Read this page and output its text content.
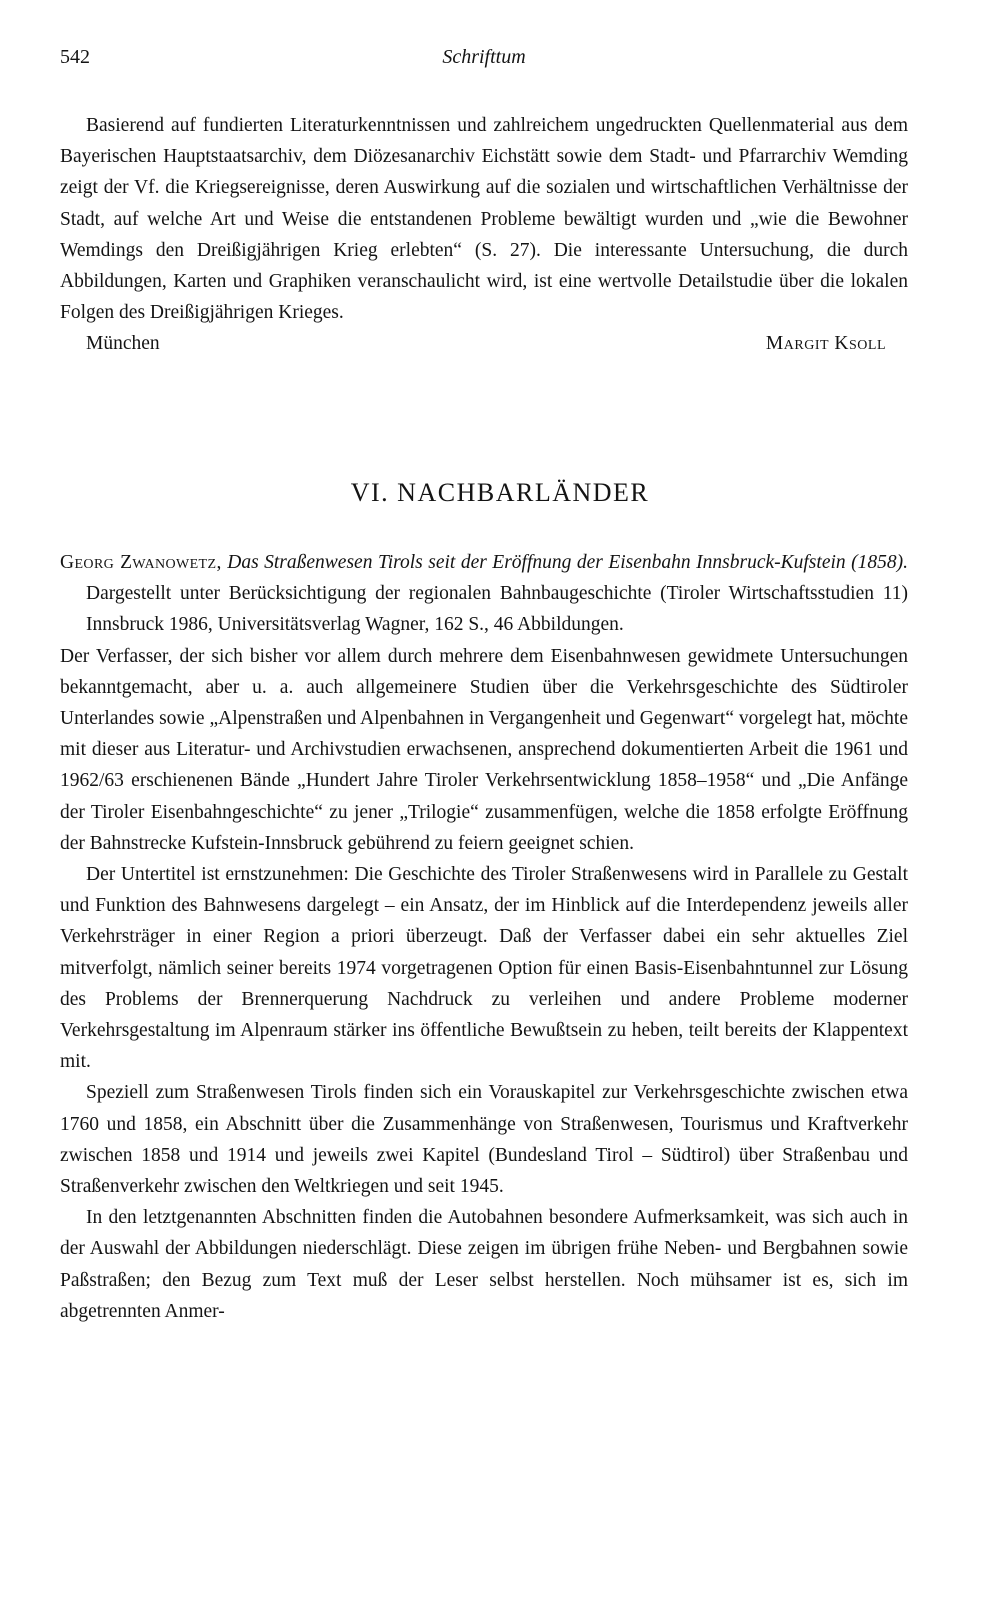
542	Schrifttum

Basierend auf fundierten Literaturkenntnissen und zahlreichem ungedruckten Quellenmaterial aus dem Bayerischen Hauptstaatsarchiv, dem Diözesanarchiv Eichstätt sowie dem Stadt- und Pfarrarchiv Wemding zeigt der Vf. die Kriegsereignisse, deren Auswirkung auf die sozialen und wirtschaftlichen Verhältnisse der Stadt, auf welche Art und Weise die entstandenen Probleme bewältigt wurden und „wie die Bewohner Wemdings den Dreißigjährigen Krieg erlebten“ (S. 27). Die interessante Untersuchung, die durch Abbildungen, Karten und Graphiken veranschaulicht wird, ist eine wertvolle Detailstudie über die lokalen Folgen des Dreißigjährigen Krieges.

München	Margit Ksoll
VI. NACHBARLÄNDER

Georg Zwanowetz, Das Straßenwesen Tirols seit der Eröffnung der Eisenbahn Innsbruck-Kufstein (1858). Dargestellt unter Berücksichtigung der regionalen Bahnbaugeschichte (Tiroler Wirtschaftsstudien 11) Innsbruck 1986, Universitätsverlag Wagner, 162 S., 46 Abbildungen.

Der Verfasser, der sich bisher vor allem durch mehrere dem Eisenbahnwesen gewidmete Untersuchungen bekanntgemacht, aber u. a. auch allgemeinere Studien über die Verkehrsgeschichte des Südtiroler Unterlandes sowie „Alpenstraßen und Alpenbahnen in Vergangenheit und Gegenwart“ vorgelegt hat, möchte mit dieser aus Literatur- und Archivstudien erwachsenen, ansprechend dokumentierten Arbeit die 1961 und 1962/63 erschienenen Bände „Hundert Jahre Tiroler Verkehrsentwicklung 1858–1958“ und „Die Anfänge der Tiroler Eisenbahngeschichte“ zu jener „Trilogie“ zusammenfügen, welche die 1858 erfolgte Eröffnung der Bahnstrecke Kufstein-Innsbruck gebührend zu feiern geeignet schien.

Der Untertitel ist ernstzunehmen: Die Geschichte des Tiroler Straßenwesens wird in Parallele zu Gestalt und Funktion des Bahnwesens dargelegt – ein Ansatz, der im Hinblick auf die Interdependenz jeweils aller Verkehrsträger in einer Region a priori überzeugt. Daß der Verfasser dabei ein sehr aktuelles Ziel mitverfolgt, nämlich seiner bereits 1974 vorgetragenen Option für einen Basis-Eisenbahntunnel zur Lösung des Problems der Brennerquerung Nachdruck zu verleihen und andere Probleme moderner Verkehrsgestaltung im Alpenraum stärker ins öffentliche Bewußtsein zu heben, teilt bereits der Klappentext mit.

Speziell zum Straßenwesen Tirols finden sich ein Vorauskapitel zur Verkehrsgeschichte zwischen etwa 1760 und 1858, ein Abschnitt über die Zusammenhänge von Straßenwesen, Tourismus und Kraftverkehr zwischen 1858 und 1914 und jeweils zwei Kapitel (Bundesland Tirol – Südtirol) über Straßenbau und Straßenverkehr zwischen den Weltkriegen und seit 1945.

In den letztgenannten Abschnitten finden die Autobahnen besondere Aufmerksamkeit, was sich auch in der Auswahl der Abbildungen niederschlägt. Diese zeigen im übrigen frühe Neben- und Bergbahnen sowie Paßstraßen; den Bezug zum Text muß der Leser selbst herstellen. Noch mühsamer ist es, sich im abgetrennten Anmer-
